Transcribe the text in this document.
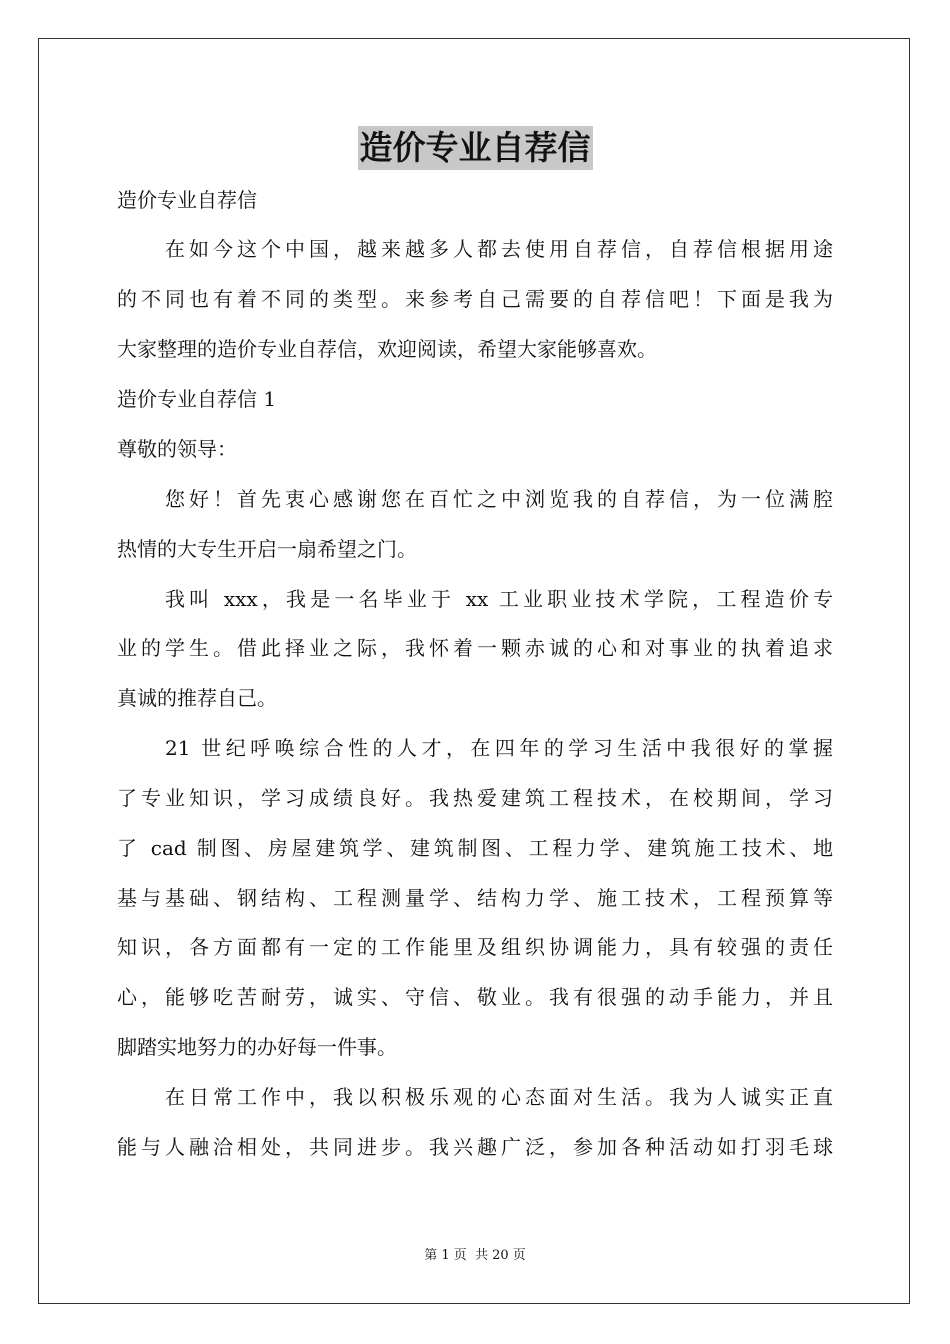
造价专业自荐信
造价专业自荐信
在如今这个中国，越来越多人都去使用自荐信，自荐信根据用途
的不同也有着不同的类型。来参考自己需要的自荐信吧！下面是我为
大家整理的造价专业自荐信，欢迎阅读，希望大家能够喜欢。
造价专业自荐信 1
尊敬的领导：
您好！首先衷心感谢您在百忙之中浏览我的自荐信，为一位满腔
热情的大专生开启一扇希望之门。
我叫 xxx，我是一名毕业于 xx 工业职业技术学院，工程造价专
业的学生。借此择业之际，我怀着一颗赤诚的心和对事业的执着追求
真诚的推荐自己。
21 世纪呼唤综合性的人才，在四年的学习生活中我很好的掌握
了专业知识，学习成绩良好。我热爱建筑工程技术，在校期间，学习
了 cad 制图、房屋建筑学、建筑制图、工程力学、建筑施工技术、地
基与基础、钢结构、工程测量学、结构力学、施工技术，工程预算等
知识，各方面都有一定的工作能里及组织协调能力，具有较强的责任
心，能够吃苦耐劳，诚实、守信、敬业。我有很强的动手能力，并且
脚踏实地努力的办好每一件事。
在日常工作中，我以积极乐观的心态面对生活。我为人诚实正直
能与人融洽相处，共同进步。我兴趣广泛，参加各种活动如打羽毛球
第 1 页 共 20 页
